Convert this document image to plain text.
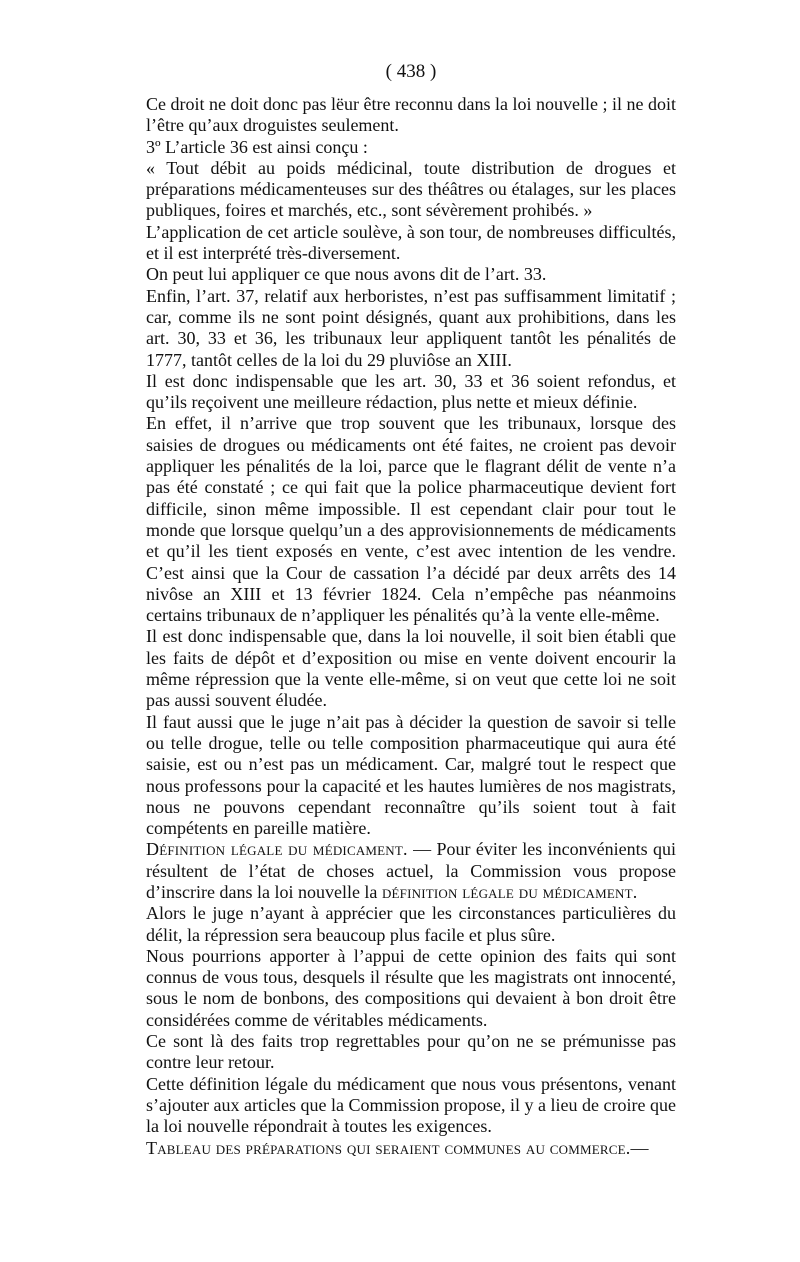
( 438 )

Ce droit ne doit donc pas lëur être reconnu dans la loi nouvelle ; il ne doit l’être qu’aux droguistes seulement.

3º L’article 36 est ainsi conçu :

« Tout débit au poids médicinal, toute distribution de drogues et préparations médicamenteuses sur des théâtres ou étalages, sur les places publiques, foires et marchés, etc., sont sévèrement prohibés. »

L’application de cet article soulève, à son tour, de nombreuses difficultés, et il est interprété très-diversement.

On peut lui appliquer ce que nous avons dit de l’art. 33.

Enfin, l’art. 37, relatif aux herboristes, n’est pas suffisamment limitatif ; car, comme ils ne sont point désignés, quant aux prohibitions, dans les art. 30, 33 et 36, les tribunaux leur appliquent tantôt les pénalités de 1777, tantôt celles de la loi du 29 pluviôse an XIII.

Il est donc indispensable que les art. 30, 33 et 36 soient refondus, et qu’ils reçoivent une meilleure rédaction, plus nette et mieux définie.

En effet, il n’arrive que trop souvent que les tribunaux, lorsque des saisies de drogues ou médicaments ont été faites, ne croient pas devoir appliquer les pénalités de la loi, parce que le flagrant délit de vente n’a pas été constaté ; ce qui fait que la police pharmaceutique devient fort difficile, sinon même impossible. Il est cependant clair pour tout le monde que lorsque quelqu’un a des approvisionnements de médicaments et qu’il les tient exposés en vente, c’est avec intention de les vendre. C’est ainsi que la Cour de cassation l’a décidé par deux arrêts des 14 nivôse an XIII et 13 février 1824. Cela n’empêche pas néanmoins certains tribunaux de n’appliquer les pénalités qu’à la vente elle-même.

Il est donc indispensable que, dans la loi nouvelle, il soit bien établi que les faits de dépôt et d’exposition ou mise en vente doivent encourir la même répression que la vente elle-même, si on veut que cette loi ne soit pas aussi souvent éludée.

Il faut aussi que le juge n’ait pas à décider la question de savoir si telle ou telle drogue, telle ou telle composition pharmaceutique qui aura été saisie, est ou n’est pas un médicament. Car, malgré tout le respect que nous professons pour la capacité et les hautes lumières de nos magistrats, nous ne pouvons cependant reconnaître qu’ils soient tout à fait compétents en pareille matière.

Définition légale du médicament. — Pour éviter les inconvénients qui résultent de l’état de choses actuel, la Commission vous propose d’inscrire dans la loi nouvelle la définition légale du médicament.

Alors le juge n’ayant à apprécier que les circonstances particulières du délit, la répression sera beaucoup plus facile et plus sûre.

Nous pourrions apporter à l’appui de cette opinion des faits qui sont connus de vous tous, desquels il résulte que les magistrats ont innocenté, sous le nom de bonbons, des compositions qui devaient à bon droit être considérées comme de véritables médicaments.

Ce sont là des faits trop regrettables pour qu’on ne se prémunisse pas contre leur retour.

Cette définition légale du médicament que nous vous présentons, venant s’ajouter aux articles que la Commission propose, il y a lieu de croire que la loi nouvelle répondrait à toutes les exigences.

Tableau des préparations qui seraient communes au commerce.—
